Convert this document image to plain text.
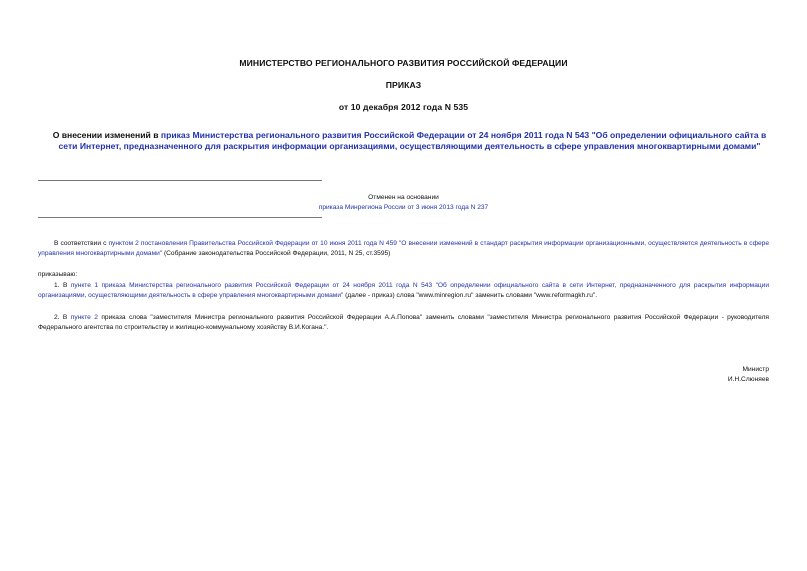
МИНИСТЕРСТВО РЕГИОНАЛЬНОГО РАЗВИТИЯ РОССИЙСКОЙ ФЕДЕРАЦИИ
ПРИКАЗ
от 10 декабря 2012 года N 535
О внесении изменений в приказ Министерства регионального развития Российской Федерации от 24 ноября 2011 года N 543 "Об определении официального сайта в сети Интернет, предназначенного для раскрытия информации организациями, осуществляющими деятельность в сфере управления многоквартирными домами"
Отменен на основании
приказа Минрегиона России от 3 июня 2013 года N 237
В соответствии с пунктом 2 постановления Правительства Российской Федерации от 10 июня 2011 года N 459 "О внесении изменений в стандарт раскрытия информации организационными, осуществляется деятельность в сфере управления многоквартирными домами" (Собрание законодательства Российской Федерации, 2011, N 25, ст.3595)
приказываю:
1. В пункте 1 приказа Министерства регионального развития Российской Федерации от 24 ноября 2011 года N 543 "Об определении официального сайта в сети Интернет, предназначенного для раскрытия информации организациями, осуществляющими деятельность в сфере управления многоквартирными домами" (далее - приказ) слова "www.minregion.ru" заменить словами "www.reformagkh.ru".
2. В пункте 2 приказа слова "заместителя Министра регионального развития Российской Федерации А.А.Попова" заменить словами "заместителя Министра регионального развития Российской Федерации - руководителя Федерального агентства по строительству и жилищно-коммунальному хозяйству В.И.Когана.".
Министр
И.Н.Слюняев
